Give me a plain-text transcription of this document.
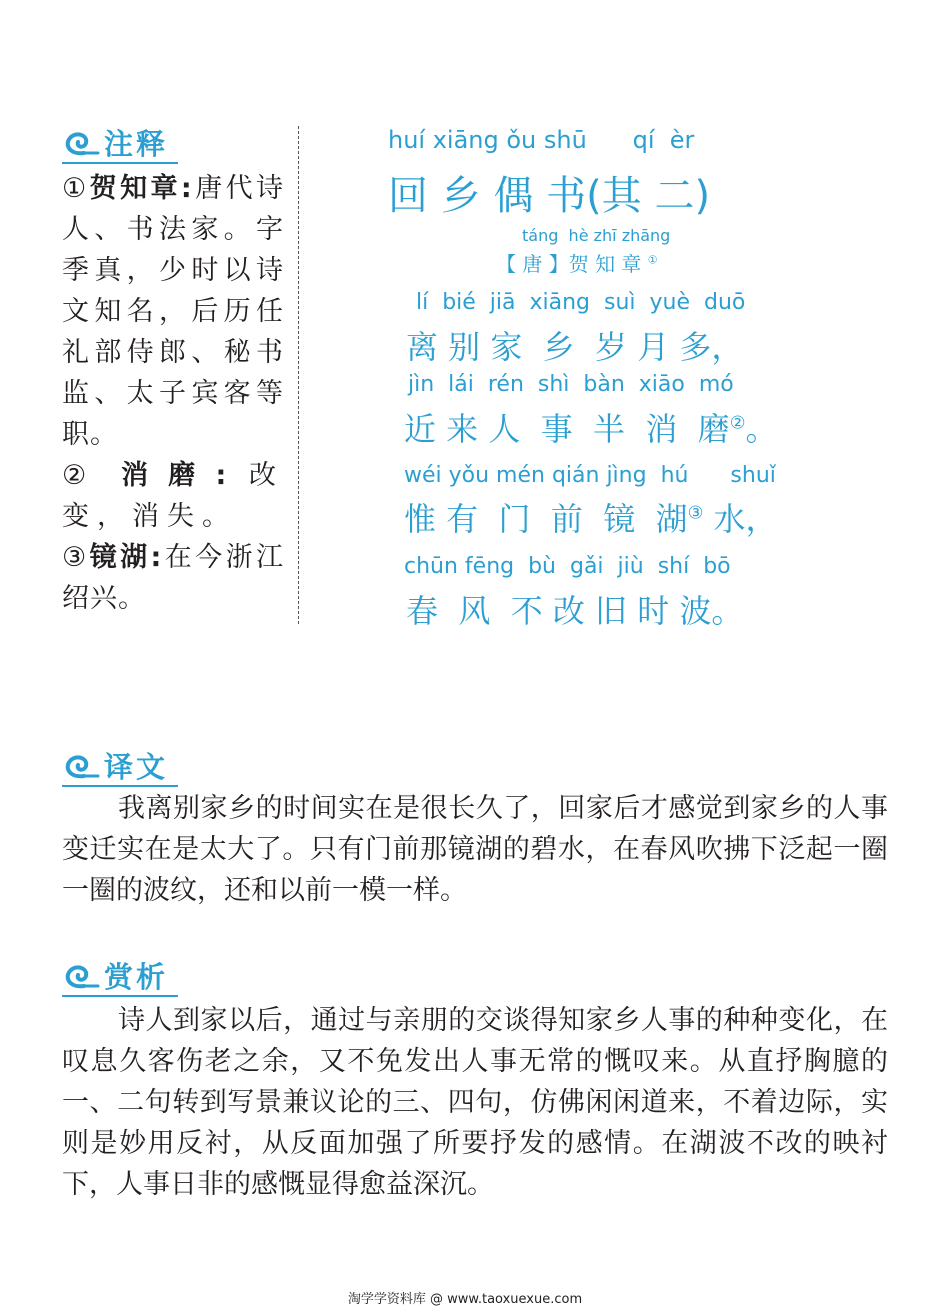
注释

①贺知章:唐代诗人、书法家。字季真，少时以诗文知名，后历任礼部侍郎、秘书监、太子宾客等职。

② 消磨: 改变，消失。

③镜湖:在今浙江绍兴。

huí xiāng ǒu shū      qí  èr
回 乡 偶 书(其 二)
táng  hè zhī zhāng
【 唐 】贺 知 章 ①
lí  bié  jiā  xiāng  suì  yuè  duō
离 别 家  乡  岁 月 多，
jìn  lái  rén  shì  bàn  xiāo  mó
近 来 人  事  半  消  磨②。
wéi yǒu mén qián jìng  hú      shuǐ
惟 有  门  前  镜  湖③ 水，
chūn fēng  bù  gǎi  jiù  shí  bō
春  风  不 改 旧 时 波。
译文

我离别家乡的时间实在是很长久了，回家后才感觉到家乡的人事变迁实在是太大了。只有门前那镜湖的碧水，在春风吹拂下泛起一圈一圈的波纹，还和以前一模一样。

赏析

诗人到家以后，通过与亲朋的交谈得知家乡人事的种种变化，在叹息久客伤老之余，又不免发出人事无常的慨叹来。从直抒胸臆的一、二句转到写景兼议论的三、四句，仿佛闲闲道来，不着边际，实则是妙用反衬，从反面加强了所要抒发的感情。在湖波不改的映衬下，人事日非的感慨显得愈益深沉。

淘学学资料库 @ www.taoxuexue.com
